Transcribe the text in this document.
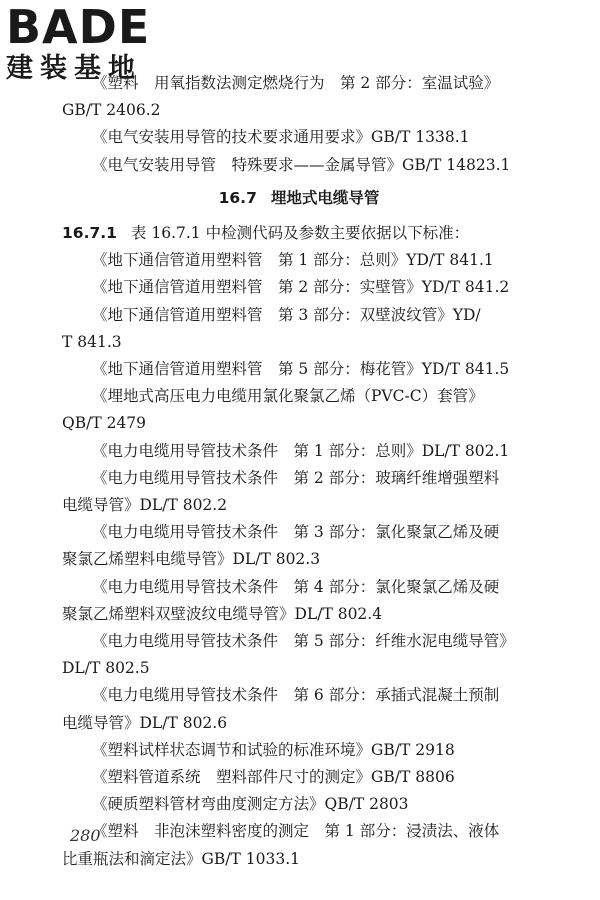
BADE
建装基地
《塑料　用氧指数法测定燃烧行为　第 2 部分：室温试验》
GB/T 2406.2
《电气安装用导管的技术要求通用要求》GB/T 1338.1
《电气安装用导管　特殊要求——金属导管》GB/T 14823.1
16.7 埋地式电缆导管
16.7.1 表 16.7.1 中检测代码及参数主要依据以下标准：
《地下通信管道用塑料管　第 1 部分：总则》YD/T 841.1
《地下通信管道用塑料管　第 2 部分：实壁管》YD/T 841.2
《地下通信管道用塑料管　第 3 部分：双壁波纹管》YD/
T 841.3
《地下通信管道用塑料管　第 5 部分：梅花管》YD/T 841.5
《埋地式高压电力电缆用氯化聚氯乙烯（PVC-C）套管》
QB/T 2479
《电力电缆用导管技术条件　第 1 部分：总则》DL/T 802.1
《电力电缆用导管技术条件　第 2 部分：玻璃纤维增强塑料
电缆导管》DL/T 802.2
《电力电缆用导管技术条件　第 3 部分：氯化聚氯乙烯及硬
聚氯乙烯塑料电缆导管》DL/T 802.3
《电力电缆用导管技术条件　第 4 部分：氯化聚氯乙烯及硬
聚氯乙烯塑料双壁波纹电缆导管》DL/T 802.4
《电力电缆用导管技术条件　第 5 部分：纤维水泥电缆导管》
DL/T 802.5
《电力电缆用导管技术条件　第 6 部分：承插式混凝土预制
电缆导管》DL/T 802.6
《塑料试样状态调节和试验的标准环境》GB/T 2918
《塑料管道系统　塑料部件尺寸的测定》GB/T 8806
《硬质塑料管材弯曲度测定方法》QB/T 2803
《塑料　非泡沫塑料密度的测定　第 1 部分：浸渍法、液体
比重瓶法和滴定法》GB/T 1033.1
280
